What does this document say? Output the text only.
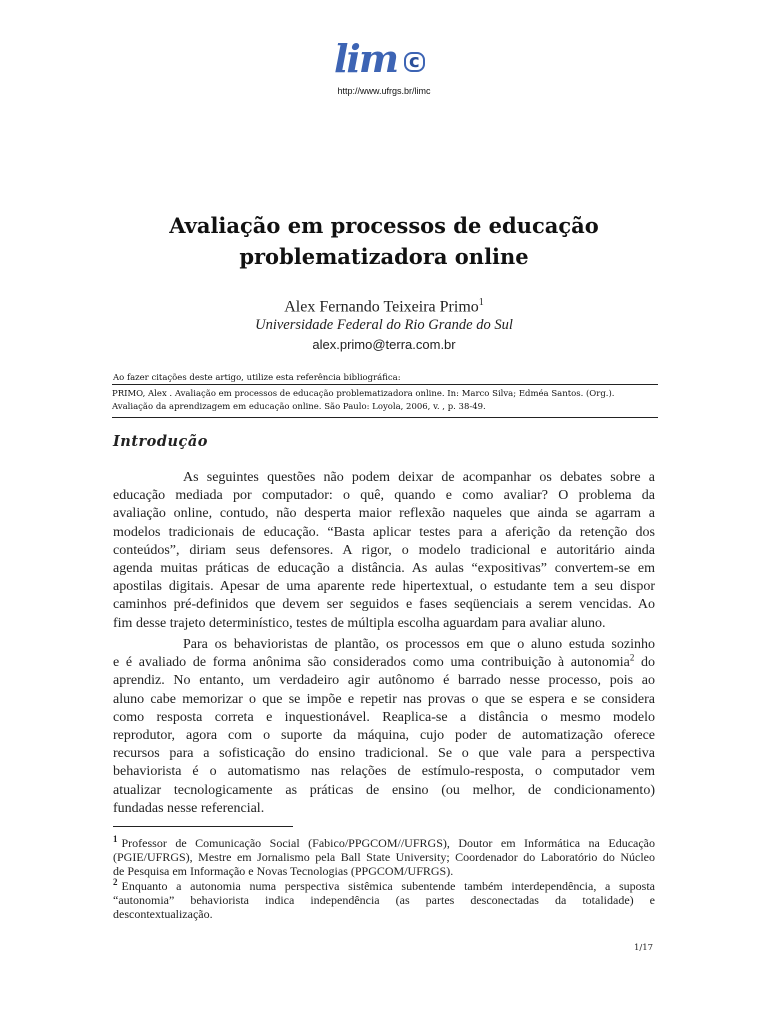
lim c
http://www.ufrgs.br/limc
Avaliação em processos de educação
problematizadora online
Alex Fernando Teixeira Primo$^1$
Universidade Federal do Rio Grande do Sul
alex.primo@terra.com.br
Ao fazer citações deste artigo, utilize esta referência bibliográfica:
PRIMO, Alex . Avaliação em processos de educação problematizadora online. In: Marco Silva; Edméa Santos. (Org.).
Avaliação da aprendizagem em educação online. São Paulo: Loyola, 2006, v. , p. 38-49.
Introdução
As seguintes questões não podem deixar de acompanhar os debates sobre a
educação mediada por computador: o quê, quando e como avaliar? O problema da
avaliação online, contudo, não desperta maior reflexão naqueles que ainda se agarram a
modelos tradicionais de educação. “Basta aplicar testes para a aferição da retenção dos
conteúdos”, diriam seus defensores. A rigor, o modelo tradicional e autoritário ainda
agenda muitas práticas de educação a distância. As aulas “expositivas” convertem-se em
apostilas digitais. Apesar de uma aparente rede hipertextual, o estudante tem a seu dispor
caminhos pré-definidos que devem ser seguidos e fases seqüenciais a serem vencidas. Ao
fim desse trajeto determinístico, testes de múltipla escolha aguardam para avaliar aluno.
Para os behavioristas de plantão, os processos em que o aluno estuda sozinho
e é avaliado de forma anônima são considerados como uma contribuição à autonomia$^2$ do
aprendiz. No entanto, um verdadeiro agir autônomo é barrado nesse processo, pois ao
aluno cabe memorizar o que se impõe e repetir nas provas o que se espera e se considera
como resposta correta e inquestionável. Reaplica-se a distância o mesmo modelo
reprodutor, agora com o suporte da máquina, cujo poder de automatização oferece
recursos para a sofisticação do ensino tradicional. Se o que vale para a perspectiva
behaviorista é o automatismo nas relações de estímulo-resposta, o computador vem
atualizar tecnologicamente as práticas de ensino (ou melhor, de condicionamento)
fundadas nesse referencial.
$^1$ Professor de Comunicação Social (Fabico/PPGCOM//UFRGS), Doutor em Informática na Educação
(PGIE/UFRGS), Mestre em Jornalismo pela Ball State University; Coordenador do Laboratório do Núcleo
de Pesquisa em Informação e Novas Tecnologias (PPGCOM/UFRGS).
$^2$ Enquanto a autonomia numa perspectiva sistêmica subentende também interdependência, a suposta
“autonomia” behaviorista indica independência (as partes desconectadas da totalidade) e
descontextualização.
1/17
